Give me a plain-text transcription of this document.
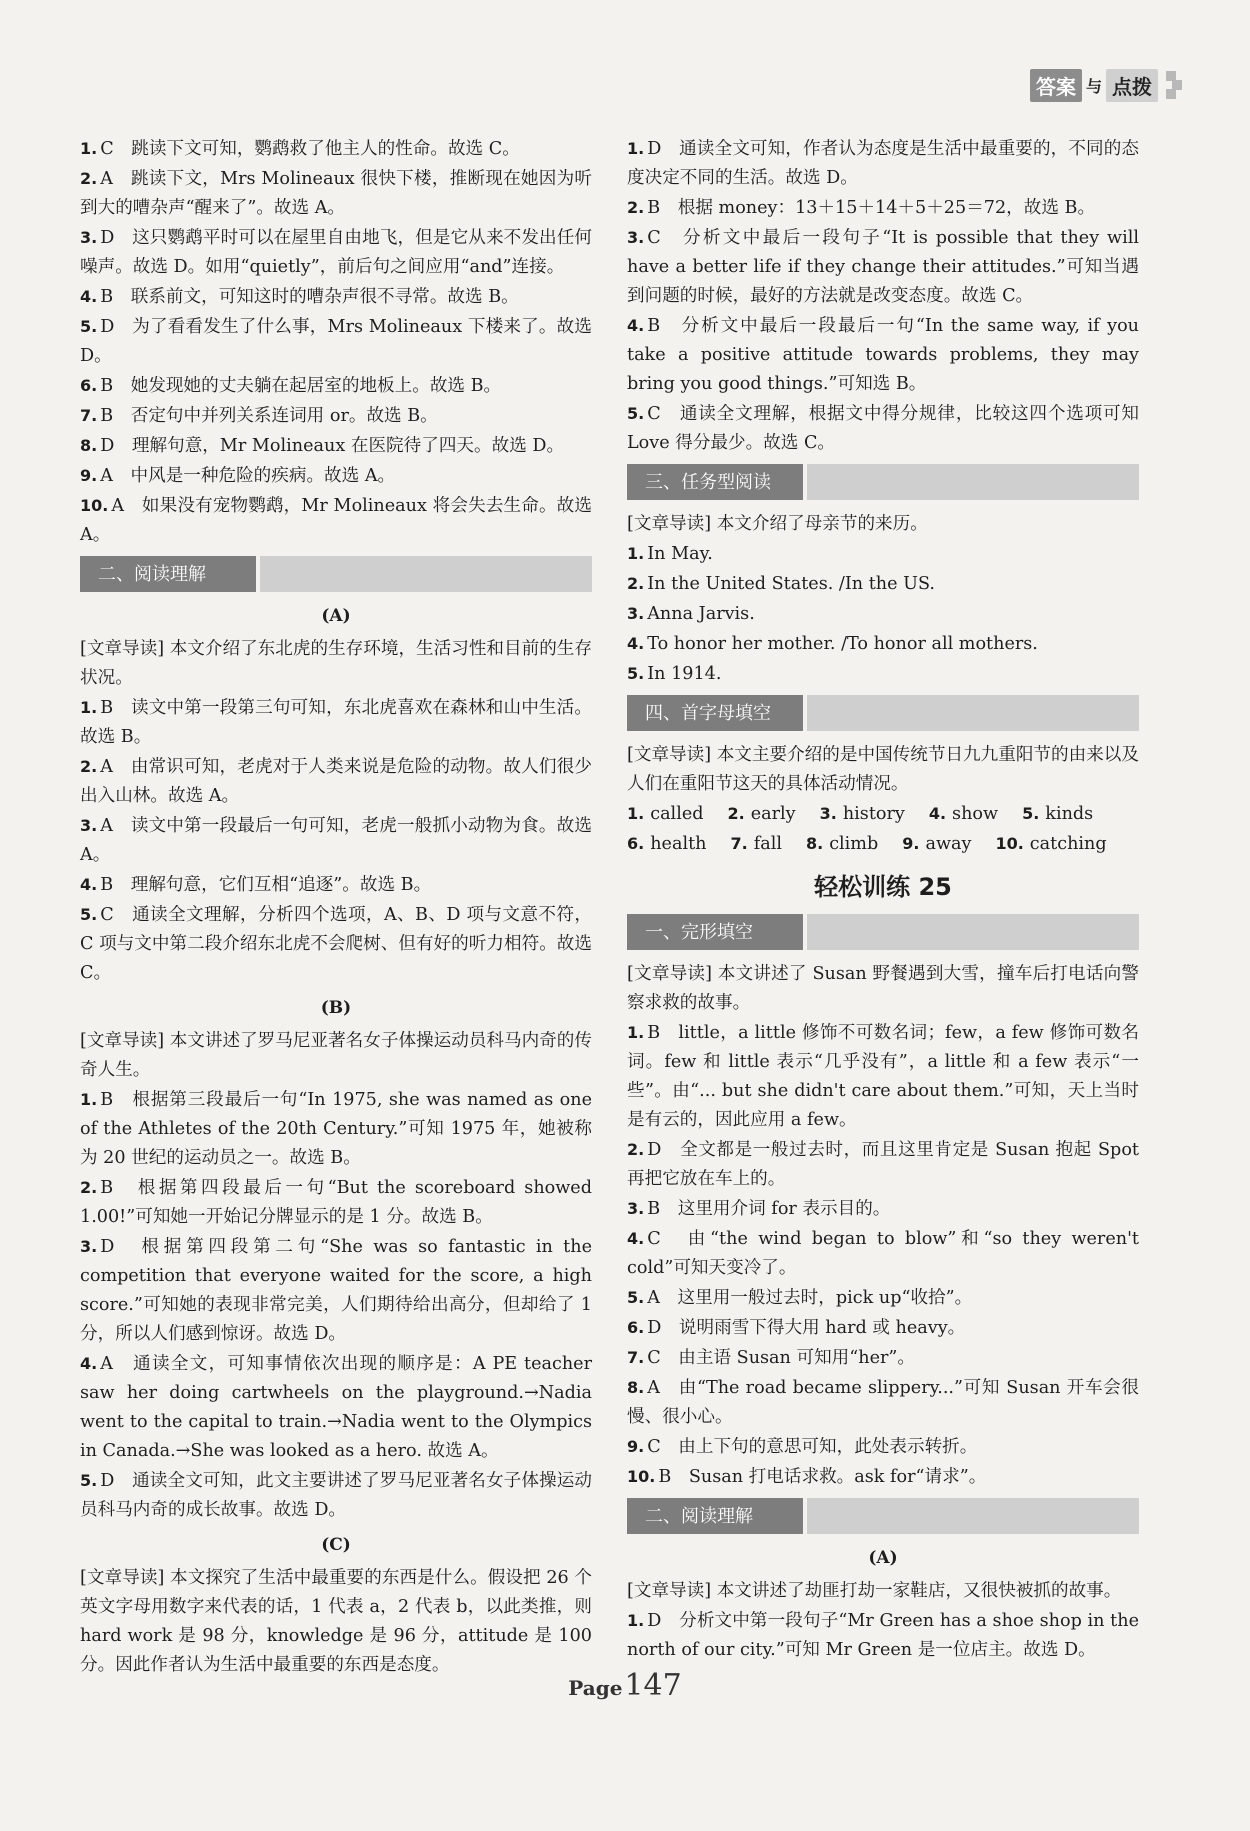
答案 与 点拨

1. C　跳读下文可知，鹦鹉救了他主人的性命。故选 C。

2. A　跳读下文，Mrs Molineaux 很快下楼，推断现在她因为听到大的嘈杂声“醒来了”。故选 A。

3. D　这只鹦鹉平时可以在屋里自由地飞，但是它从来不发出任何噪声。故选 D。如用“quietly”，前后句之间应用“and”连接。

4. B　联系前文，可知这时的嘈杂声很不寻常。故选 B。

5. D　为了看看发生了什么事，Mrs Molineaux 下楼来了。故选 D。

6. B　她发现她的丈夫躺在起居室的地板上。故选 B。

7. B　否定句中并列关系连词用 or。故选 B。

8. D　理解句意，Mr Molineaux 在医院待了四天。故选 D。

9. A　中风是一种危险的疾病。故选 A。

10. A　如果没有宠物鹦鹉，Mr Molineaux 将会失去生命。故选 A。

二、阅读理解
(A)

[文章导读] 本文介绍了东北虎的生存环境，生活习性和目前的生存状况。

1. B　读文中第一段第三句可知，东北虎喜欢在森林和山中生活。故选 B。

2. A　由常识可知，老虎对于人类来说是危险的动物。故人们很少出入山林。故选 A。

3. A　读文中第一段最后一句可知，老虎一般抓小动物为食。故选 A。

4. B　理解句意，它们互相“追逐”。故选 B。

5. C　通读全文理解，分析四个选项，A、B、D 项与文意不符，C 项与文中第二段介绍东北虎不会爬树、但有好的听力相符。故选 C。

(B)

[文章导读] 本文讲述了罗马尼亚著名女子体操运动员科马内奇的传奇人生。

1. B　根据第三段最后一句“In 1975, she was named as one of the Athletes of the 20th Century.”可知 1975 年，她被称为 20 世纪的运动员之一。故选 B。

2. B　根据第四段最后一句“But the scoreboard showed 1.00!”可知她一开始记分牌显示的是 1 分。故选 B。

3. D　根据第四段第二句“She was so fantastic in the competition that everyone waited for the score, a high score.”可知她的表现非常完美，人们期待给出高分，但却给了 1 分，所以人们感到惊讶。故选 D。

4. A　通读全文，可知事情依次出现的顺序是：A PE teacher saw her doing cartwheels on the playground.→Nadia went to the capital to train.→Nadia went to the Olympics in Canada.→She was looked as a hero. 故选 A。

5. D　通读全文可知，此文主要讲述了罗马尼亚著名女子体操运动员科马内奇的成长故事。故选 D。

(C)

[文章导读] 本文探究了生活中最重要的东西是什么。假设把 26 个英文字母用数字来代表的话，1 代表 a，2 代表 b，以此类推，则 hard work 是 98 分，knowledge 是 96 分，attitude 是 100 分。因此作者认为生活中最重要的东西是态度。

1. D　通读全文可知，作者认为态度是生活中最重要的，不同的态度决定不同的生活。故选 D。

2. B　根据 money：13＋15＋14＋5＋25＝72，故选 B。

3. C　分析文中最后一段句子“It is possible that they will have a better life if they change their attitudes.”可知当遇到问题的时候，最好的方法就是改变态度。故选 C。

4. B　分析文中最后一段最后一句“In the same way, if you take a positive attitude towards problems, they may bring you good things.”可知选 B。

5. C　通读全文理解，根据文中得分规律，比较这四个选项可知 Love 得分最少。故选 C。

三、任务型阅读

[文章导读] 本文介绍了母亲节的来历。

1. In May.

2. In the United States. /In the US.

3. Anna Jarvis.

4. To honor her mother. /To honor all mothers.

5. In 1914.

四、首字母填空

[文章导读] 本文主要介绍的是中国传统节日九九重阳节的由来以及人们在重阳节这天的具体活动情况。

1. called 2. early 3. history 4. show 5. kinds
6. health 7. fall 8. climb 9. away 10. catching
轻松训练 25
一、完形填空

[文章导读] 本文讲述了 Susan 野餐遇到大雪，撞车后打电话向警察求救的故事。

1. B　little，a little 修饰不可数名词；few，a few 修饰可数名词。few 和 little 表示“几乎没有”，a little 和 a few 表示“一些”。由“... but she didn't care about them.”可知，天上当时是有云的，因此应用 a few。

2. D　全文都是一般过去时，而且这里肯定是 Susan 抱起 Spot 再把它放在车上的。

3. B　这里用介词 for 表示目的。

4. C　由“the wind began to blow”和“so they weren't cold”可知天变冷了。

5. A　这里用一般过去时，pick up“收拾”。

6. D　说明雨雪下得大用 hard 或 heavy。

7. C　由主语 Susan 可知用“her”。

8. A　由“The road became slippery...”可知 Susan 开车会很慢、很小心。

9. C　由上下句的意思可知，此处表示转折。

10. B　Susan 打电话求救。ask for“请求”。

二、阅读理解
(A)

[文章导读] 本文讲述了劫匪打劫一家鞋店，又很快被抓的故事。

1. D　分析文中第一段句子“Mr Green has a shoe shop in the north of our city.”可知 Mr Green 是一位店主。故选 D。

Page147
